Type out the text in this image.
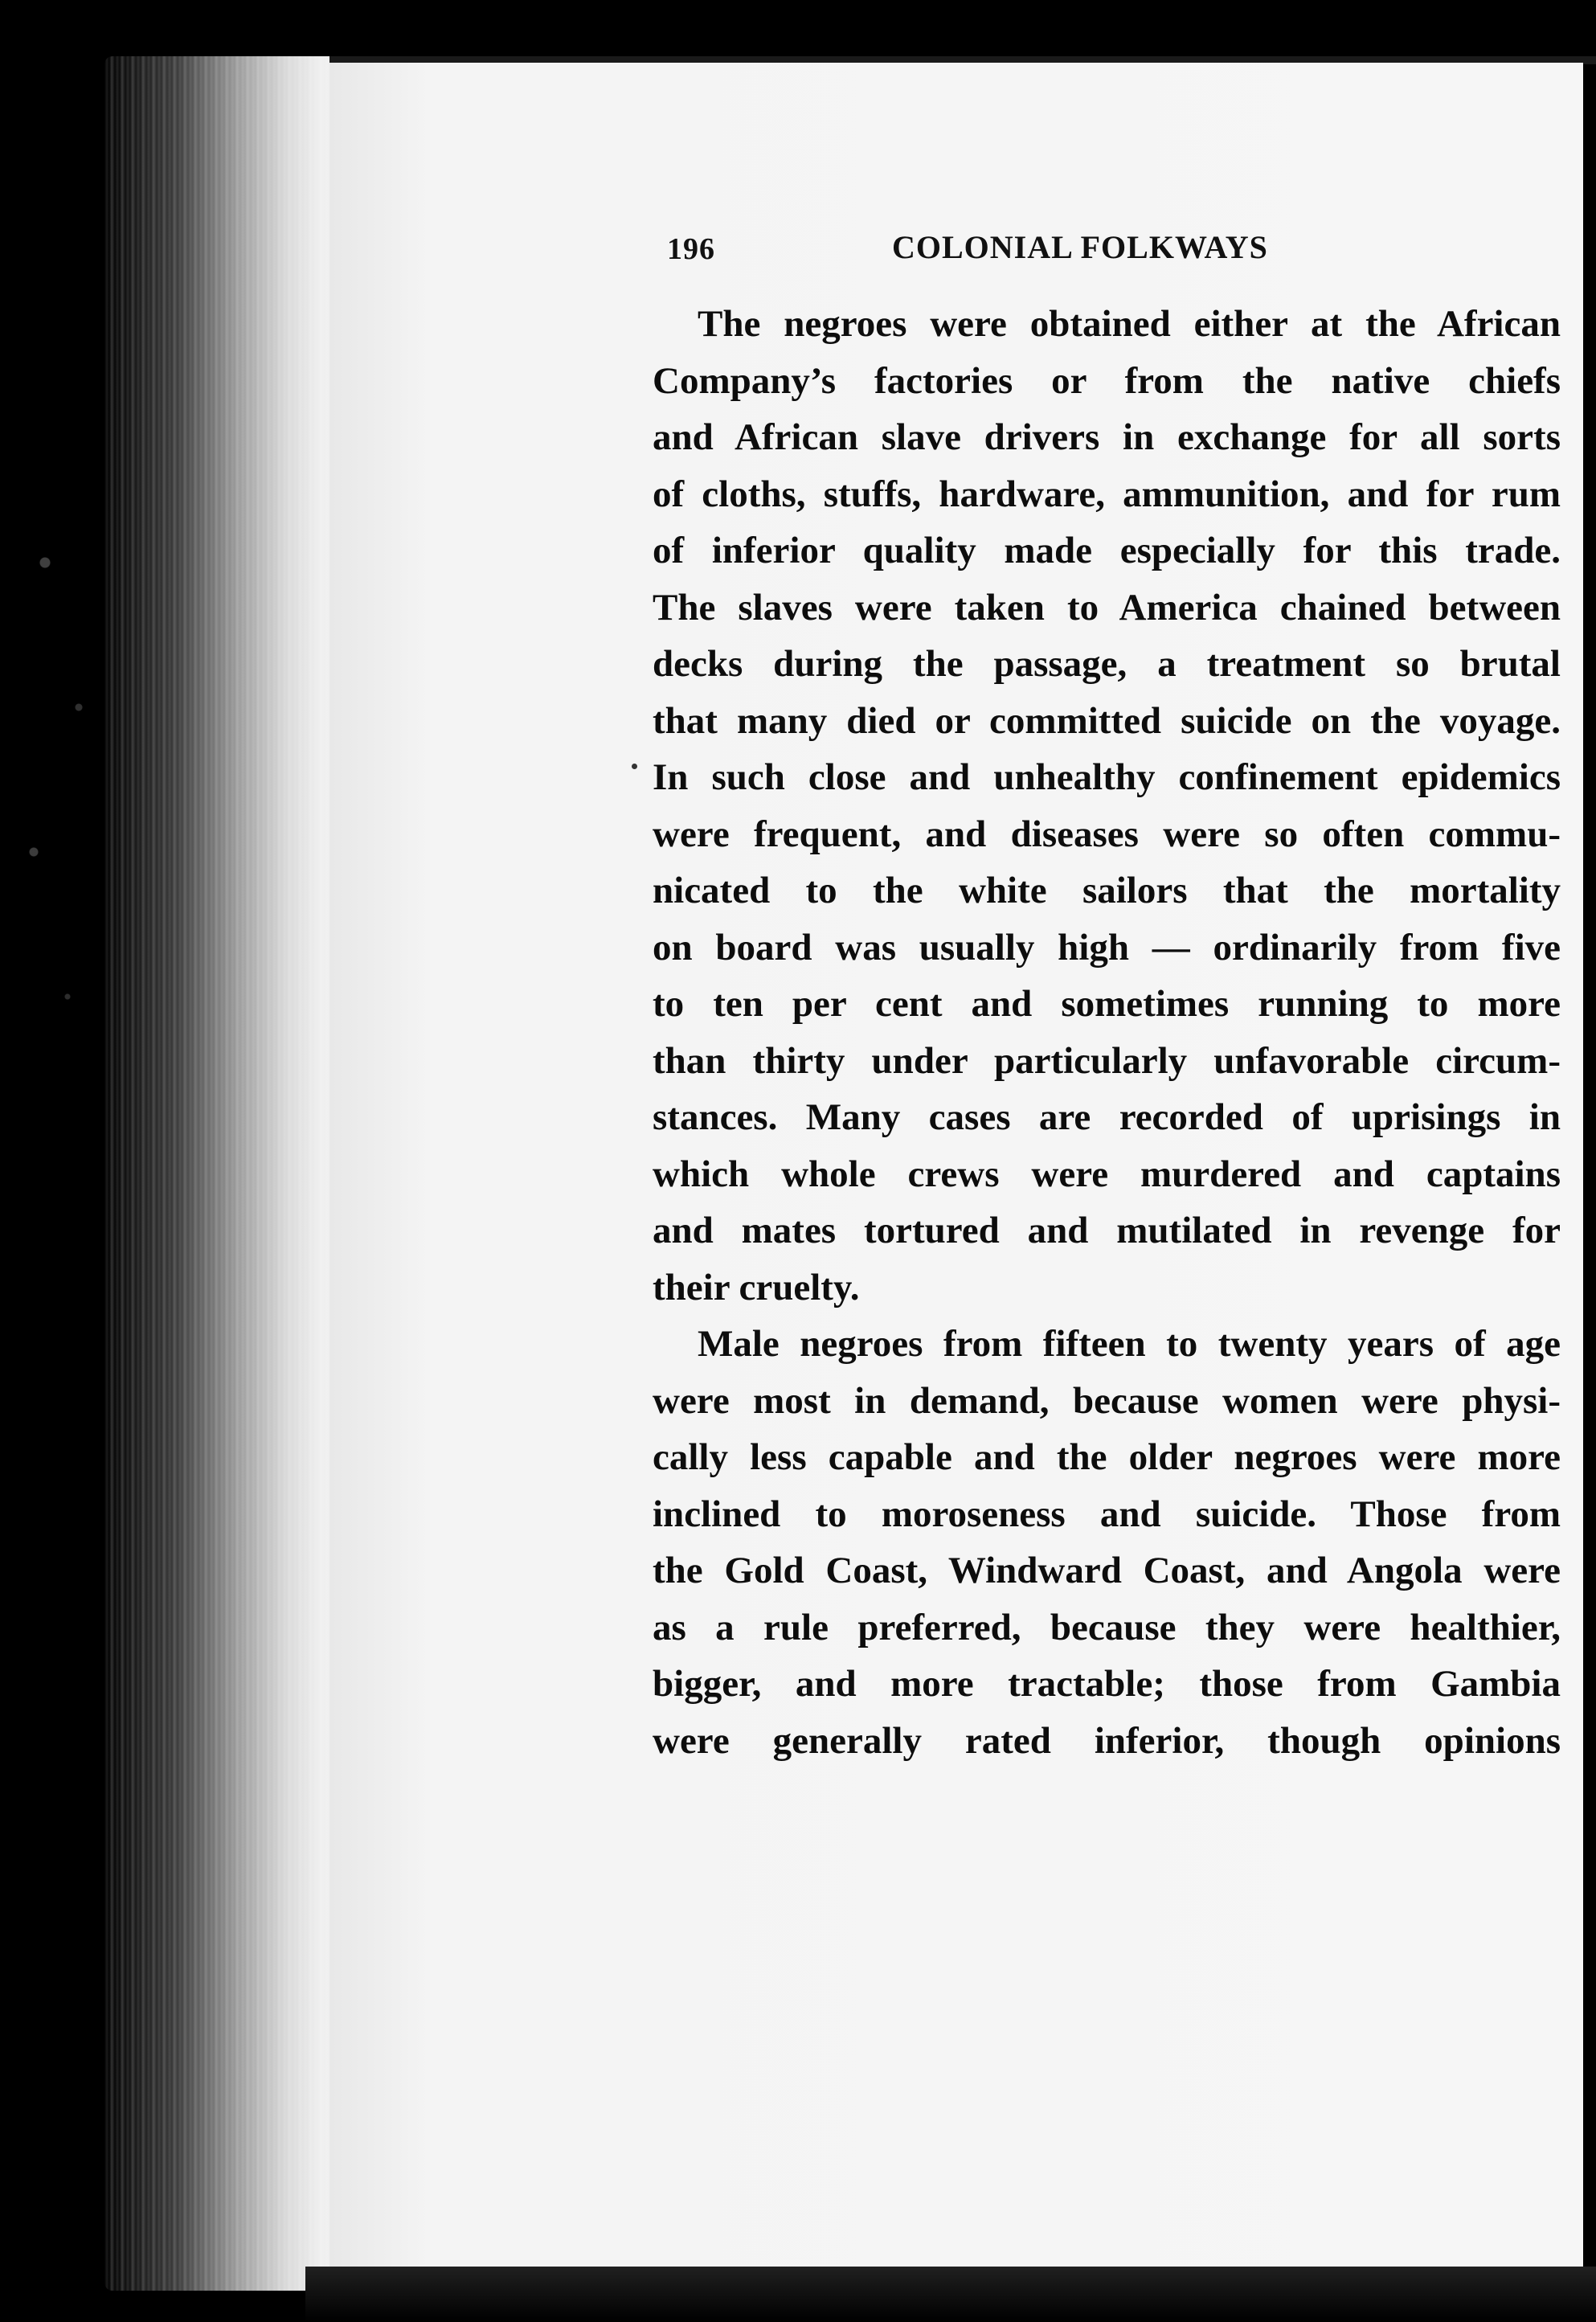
196	COLONIAL FOLKWAYS
The negroes were obtained either at the African
Company’s factories or from the native chiefs
and African slave drivers in exchange for all sorts
of cloths, stuffs, hardware, ammunition, and for rum
of inferior quality made especially for this trade.
The slaves were taken to America chained between
decks during the passage, a treatment so brutal
that many died or committed suicide on the voyage.
In such close and unhealthy confinement epidemics
were frequent, and diseases were so often commu-
nicated to the white sailors that the mortality
on board was usually high — ordinarily from five
to ten per cent and sometimes running to more
than thirty under particularly unfavorable circum-
stances. Many cases are recorded of uprisings in
which whole crews were murdered and captains
and mates tortured and mutilated in revenge for
their cruelty.
Male negroes from fifteen to twenty years of age
were most in demand, because women were physi-
cally less capable and the older negroes were more
inclined to moroseness and suicide. Those from
the Gold Coast, Windward Coast, and Angola were
as a rule preferred, because they were healthier,
bigger, and more tractable; those from Gambia
were generally rated inferior, though opinions
